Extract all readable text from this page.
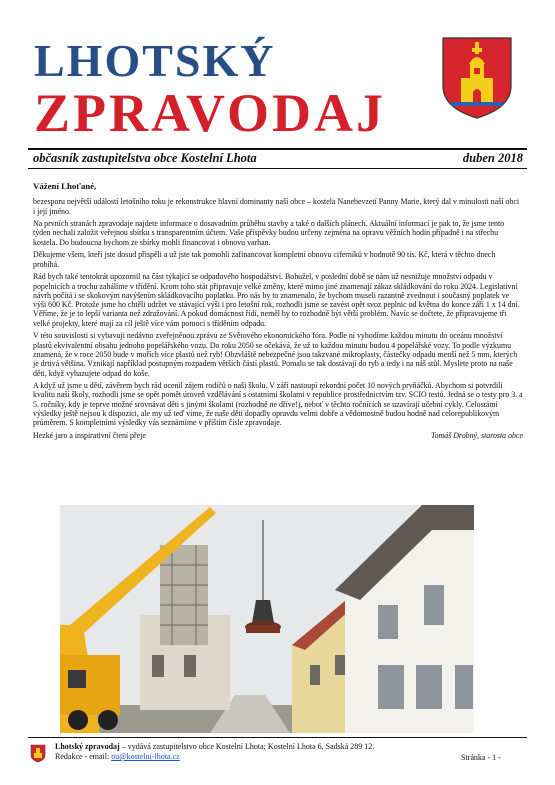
LHOTSKÝ
ZPRAVODAJ
občasník zastupitelstva obce Kostelní Lhota	duben 2018

Vážení Lhoťané,

bezesporu největší událostí letošního roku je rekonstrukce hlavní dominanty naší obce – kostela Nanebevzetí Panny Marie, který dal v minulosti naší obci i její jméno.

Na prvních stranách zpravodaje najdete informace o dosavadním průběhu stavby a také o dalších plánech. Aktuální informací je pak to, že jsme tento týden nechali založit veřejnou sbírku s transparentním účtem. Vaše příspěvky budou určeny zejména na opravu věžních hodin případně i na střechu kostela. Do budoucna bychom ze sbírky mohli financovat i obnovu varhan.

Děkujeme všem, kteří jste dosud přispěli a už jste tak pomohli zafinancovat kompletní obnovu ciferníků v hodnotě 90 tis. Kč, která v těchto dnech probíhá.

Rád bych také tentokrát upozornil na část týkající se odpadového hospodářství. Bohužel, v poslední době se nám už nesnižuje množství odpadu v popelnicích a trochu zahálíme v třídění. Krom toho stát připravuje velké změny, které mimo jiné znamenají zákaz skládkování do roku 2024. Legislativní návrh počítá i se skokovým navýšením skládkovacího poplatku. Pro nás by to znamenalo, že bychom museli razantně zvednout i současný poplatek ve výši 600 Kč. Protože jsme ho chtěli udržet ve stávající výši i pro letošní rok, rozhodli jsme se zavést opět svoz peplnic od května do konce září 1 x 14 dní. Věříme, že je to lepší varianta než zdražování. A pokud domácnost řídí, neměl by to rozhodně být větší problém. Navíc se dočtete, že připravujeme tři velké projekty, které mají za cíl ještě více vám pomoci s tříděním odpadu.

V této souvislosti si vybavuji nedávno zveřejněnou zprávu ze Světového ekonomického fóra. Podle ní vyhodíme každou minutu do oceánu množství plastů ekvivalentní obsahu jednoho popelářského vozu. Do roku 2050 se očekává, že už to každou minutu budou 4 popelářské vozy. To podle výzkumu znamená, že v roce 2050 bude v mořích více plastů než ryb! Obzvláště nebezpečné jsou takzvané mikroplasty, částečky odpadu menší než 5 mm, kterých je drtivá většina. Vznikají například postupným rozpadem větších částí plastů. Pomalu se tak dostávají do ryb a tedy i na náš stůl. Myslete proto na naše děti, když vyhazujete odpad do koše.

A když už jsme u dětí, závěrem bych rád ocenil zájem rodičů o naši školu. V září nastoupí rekordní počet 10 nových prvňáčků. Abychom si potvrdili kvalitu naší školy, rozhodli jsme se opět pomět úroveň vzdělávání s ostatními školami v republice prostřednictvím tzv. SCIO testů. Jedná se o testy pro 3. a 5. ročníky, kdy je teprve možné srovnávat děti s jinými školami (rozhodně ne dříve!), neboť v těchto ročnících se uzavírají učební cykly. Celostátní výsledky ještě nejsou k dispozici, ale my už teď víme, že naše děti dopadly opravdu velmi dobře a vědomostně budou hodně nad celorepublikovým průměrem. S kompletními výsledky vás seznámíme v příštím čísle zpravodaje.

Hezké jaro a inspirativní čtení přeje	Tomáš Drobný, starosta obce

Lhotský zpravodaj – vydává zastupitelstvo obce Kostelní Lhota; Kostelní Lhota 6, Sadská 289 12.
Redakce - email: ou@kostelni-lhota.cz	Stránka - 1 -
